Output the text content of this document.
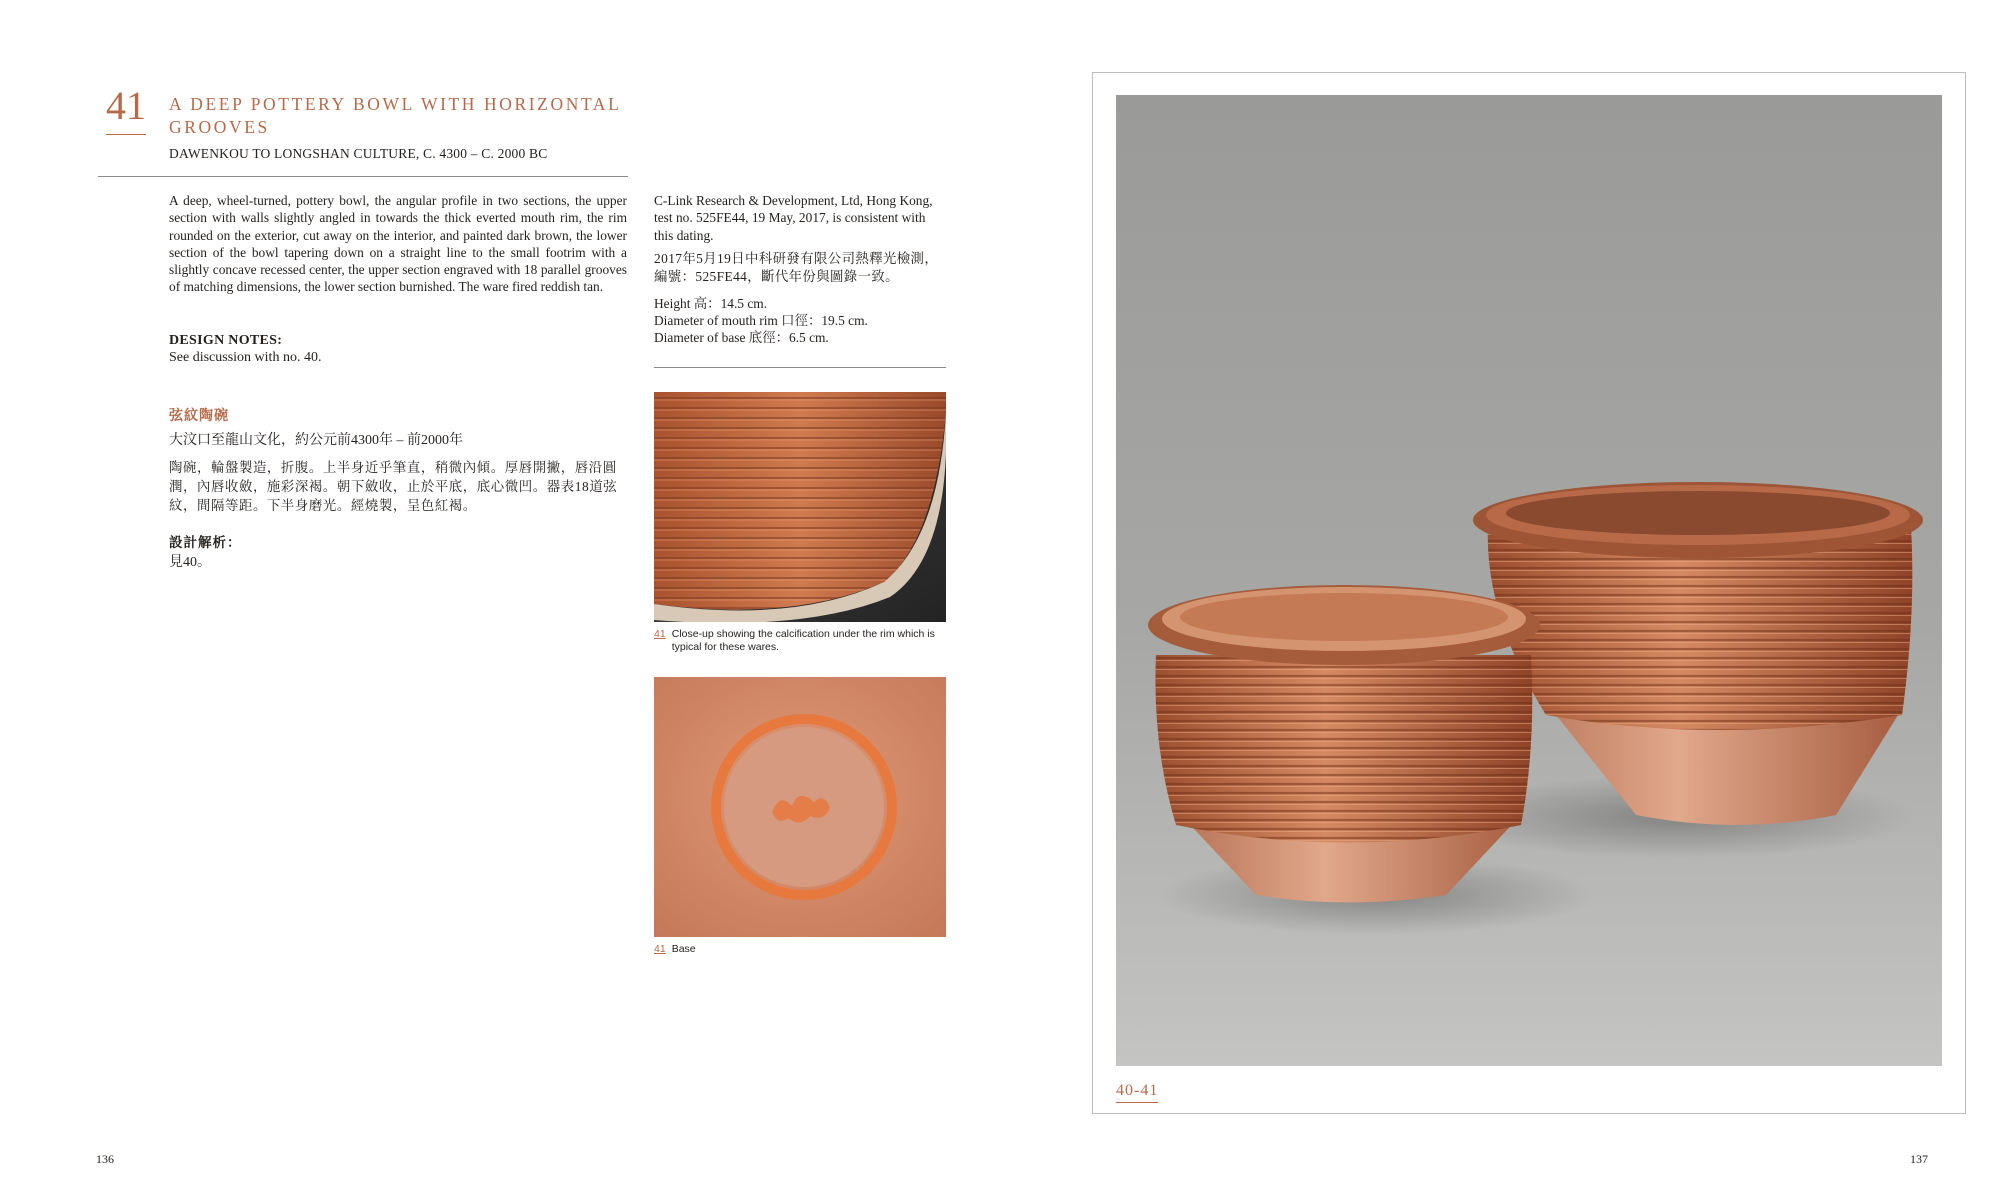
41 A DEEP POTTERY BOWL WITH HORIZONTAL GROOVES
DAWENKOU TO LONGSHAN CULTURE, C. 4300 – C. 2000 BC
A deep, wheel-turned, pottery bowl, the angular profile in two sections, the upper section with walls slightly angled in towards the thick everted mouth rim, the rim rounded on the exterior, cut away on the interior, and painted dark brown, the lower section of the bowl tapering down on a straight line to the small footrim with a slightly concave recessed center, the upper section engraved with 18 parallel grooves of matching dimensions, the lower section burnished. The ware fired reddish tan.
DESIGN NOTES:
See discussion with no. 40.
弦紋陶碗
大汶口至龍山文化，約公元前4300年 – 前2000年
陶碗，輪盤製造，折腹。上半身近乎筆直，稍微內傾。厚唇開撇，唇沿圓潤，內唇收斂，施彩深褐。朝下斂收，止於平底，底心微凹。器表18道弦紋，間隔等距。下半身磨光。經燒製，呈色紅褐。
設計解析：
見40。
C-Link Research & Development, Ltd, Hong Kong, test no. 525FE44, 19 May, 2017, is consistent with this dating.
2017年5月19日中科研發有限公司熱釋光檢測，編號：525FE44，斷代年份與圖錄一致。
Height 高：14.5 cm.
Diameter of mouth rim 口徑：19.5 cm.
Diameter of base 底徑：6.5 cm.
41 Close-up showing the calcification under the rim which is typical for these wares.
41 Base
136
40-41
137
